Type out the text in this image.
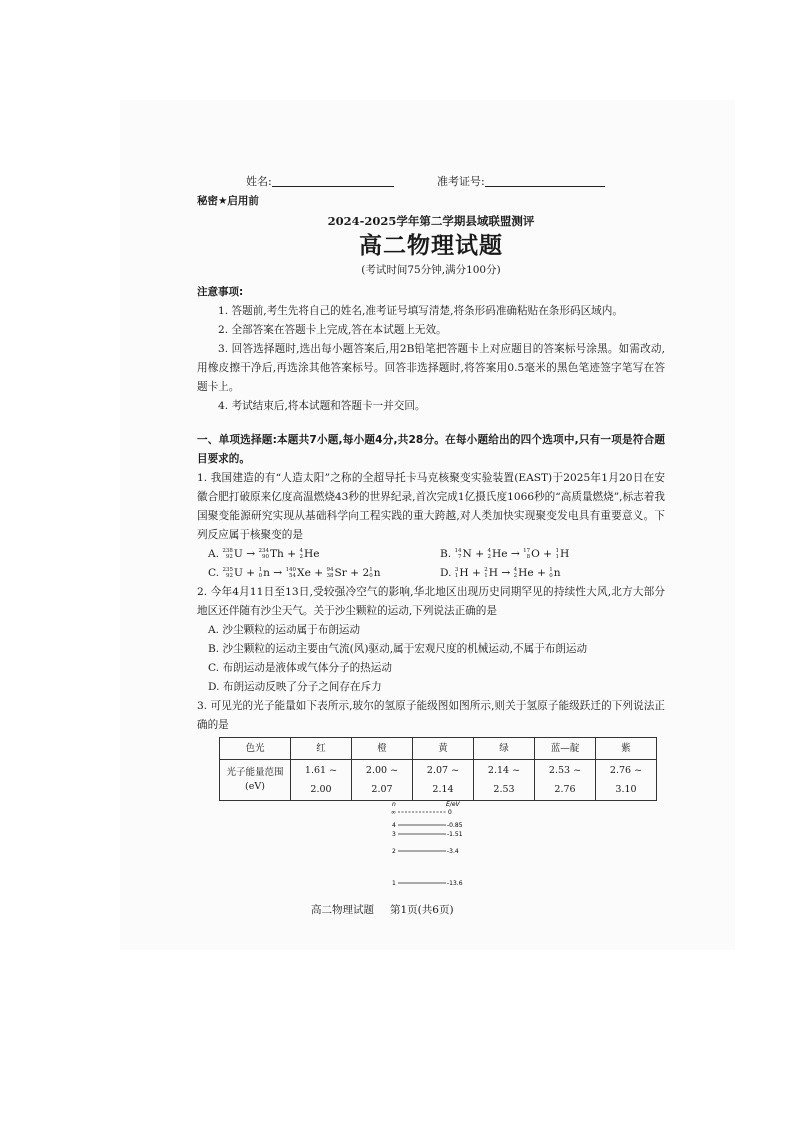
姓名:	准考证号:
秘密★启用前
2024-2025学年第二学期县域联盟测评
高二物理试题
(考试时间75分钟,满分100分)
注意事项:
1. 答题前,考生先将自己的姓名,准考证号填写清楚,将条形码准确粘贴在条形码区域内。
2. 全部答案在答题卡上完成,答在本试题上无效。
3. 回答选择题时,选出每小题答案后,用2B铅笔把答题卡上对应题目的答案标号涂黑。如需改动,用橡皮擦干净后,再选涂其他答案标号。回答非选择题时,将答案用0.5毫米的黑色笔迹签字笔写在答题卡上。
4. 考试结束后,将本试题和答题卡一并交回。
一、单项选择题:本题共7小题,每小题4分,共28分。在每小题给出的四个选项中,只有一项是符合题目要求的。
1. 我国建造的有“人造太阳”之称的全超导托卡马克核聚变实验装置(EAST)于2025年1月20日在安徽合肥打破原来亿度高温燃烧43秒的世界纪录,首次完成1亿摄氏度1066秒的“高质量燃烧”,标志着我国聚变能源研究实现从基础科学向工程实践的重大跨越,对人类加快实现聚变发电具有重要意义。下列反应属于核聚变的是
A. 238
92 U → 234
90 Th + 4
2 He	B. 14
7 N + 4
2 He → 17
8 O + 1
1 H
C. 235
92 U + 1
0 n → 140
54 Xe + 94
38 Sr + 2 1
0 n	D. 3
1 H + 2
1 H → 4
2 He + 1
0 n
2. 今年4月11日至13日,受较强冷空气的影响,华北地区出现历史同期罕见的持续性大风,北方大部分地区还伴随有沙尘天气。关于沙尘颗粒的运动,下列说法正确的是
A. 沙尘颗粒的运动属于布朗运动
B. 沙尘颗粒的运动主要由气流(风)驱动,属于宏观尺度的机械运动,不属于布朗运动
C. 布朗运动是液体或气体分子的热运动
D. 布朗运动反映了分子之间存在斥力
3. 可见光的光子能量如下表所示,玻尔的氢原子能级图如图所示,则关于氢原子能级跃迁的下列说法正确的是
色光	红	橙	黄	绿	蓝—靛	紫

光子能量范围
(eV)	1.61 ~ 2.00	2.00 ~ 2.07	2.07 ~ 2.14	2.14 ~ 2.53	2.53 ~ 2.76	2.76 ~ 3.10
n	E/eV
∞	0
4	-0.85
3	-1.51
2	-3.4
1	-13.6
高二物理试题 第1页(共6页)
